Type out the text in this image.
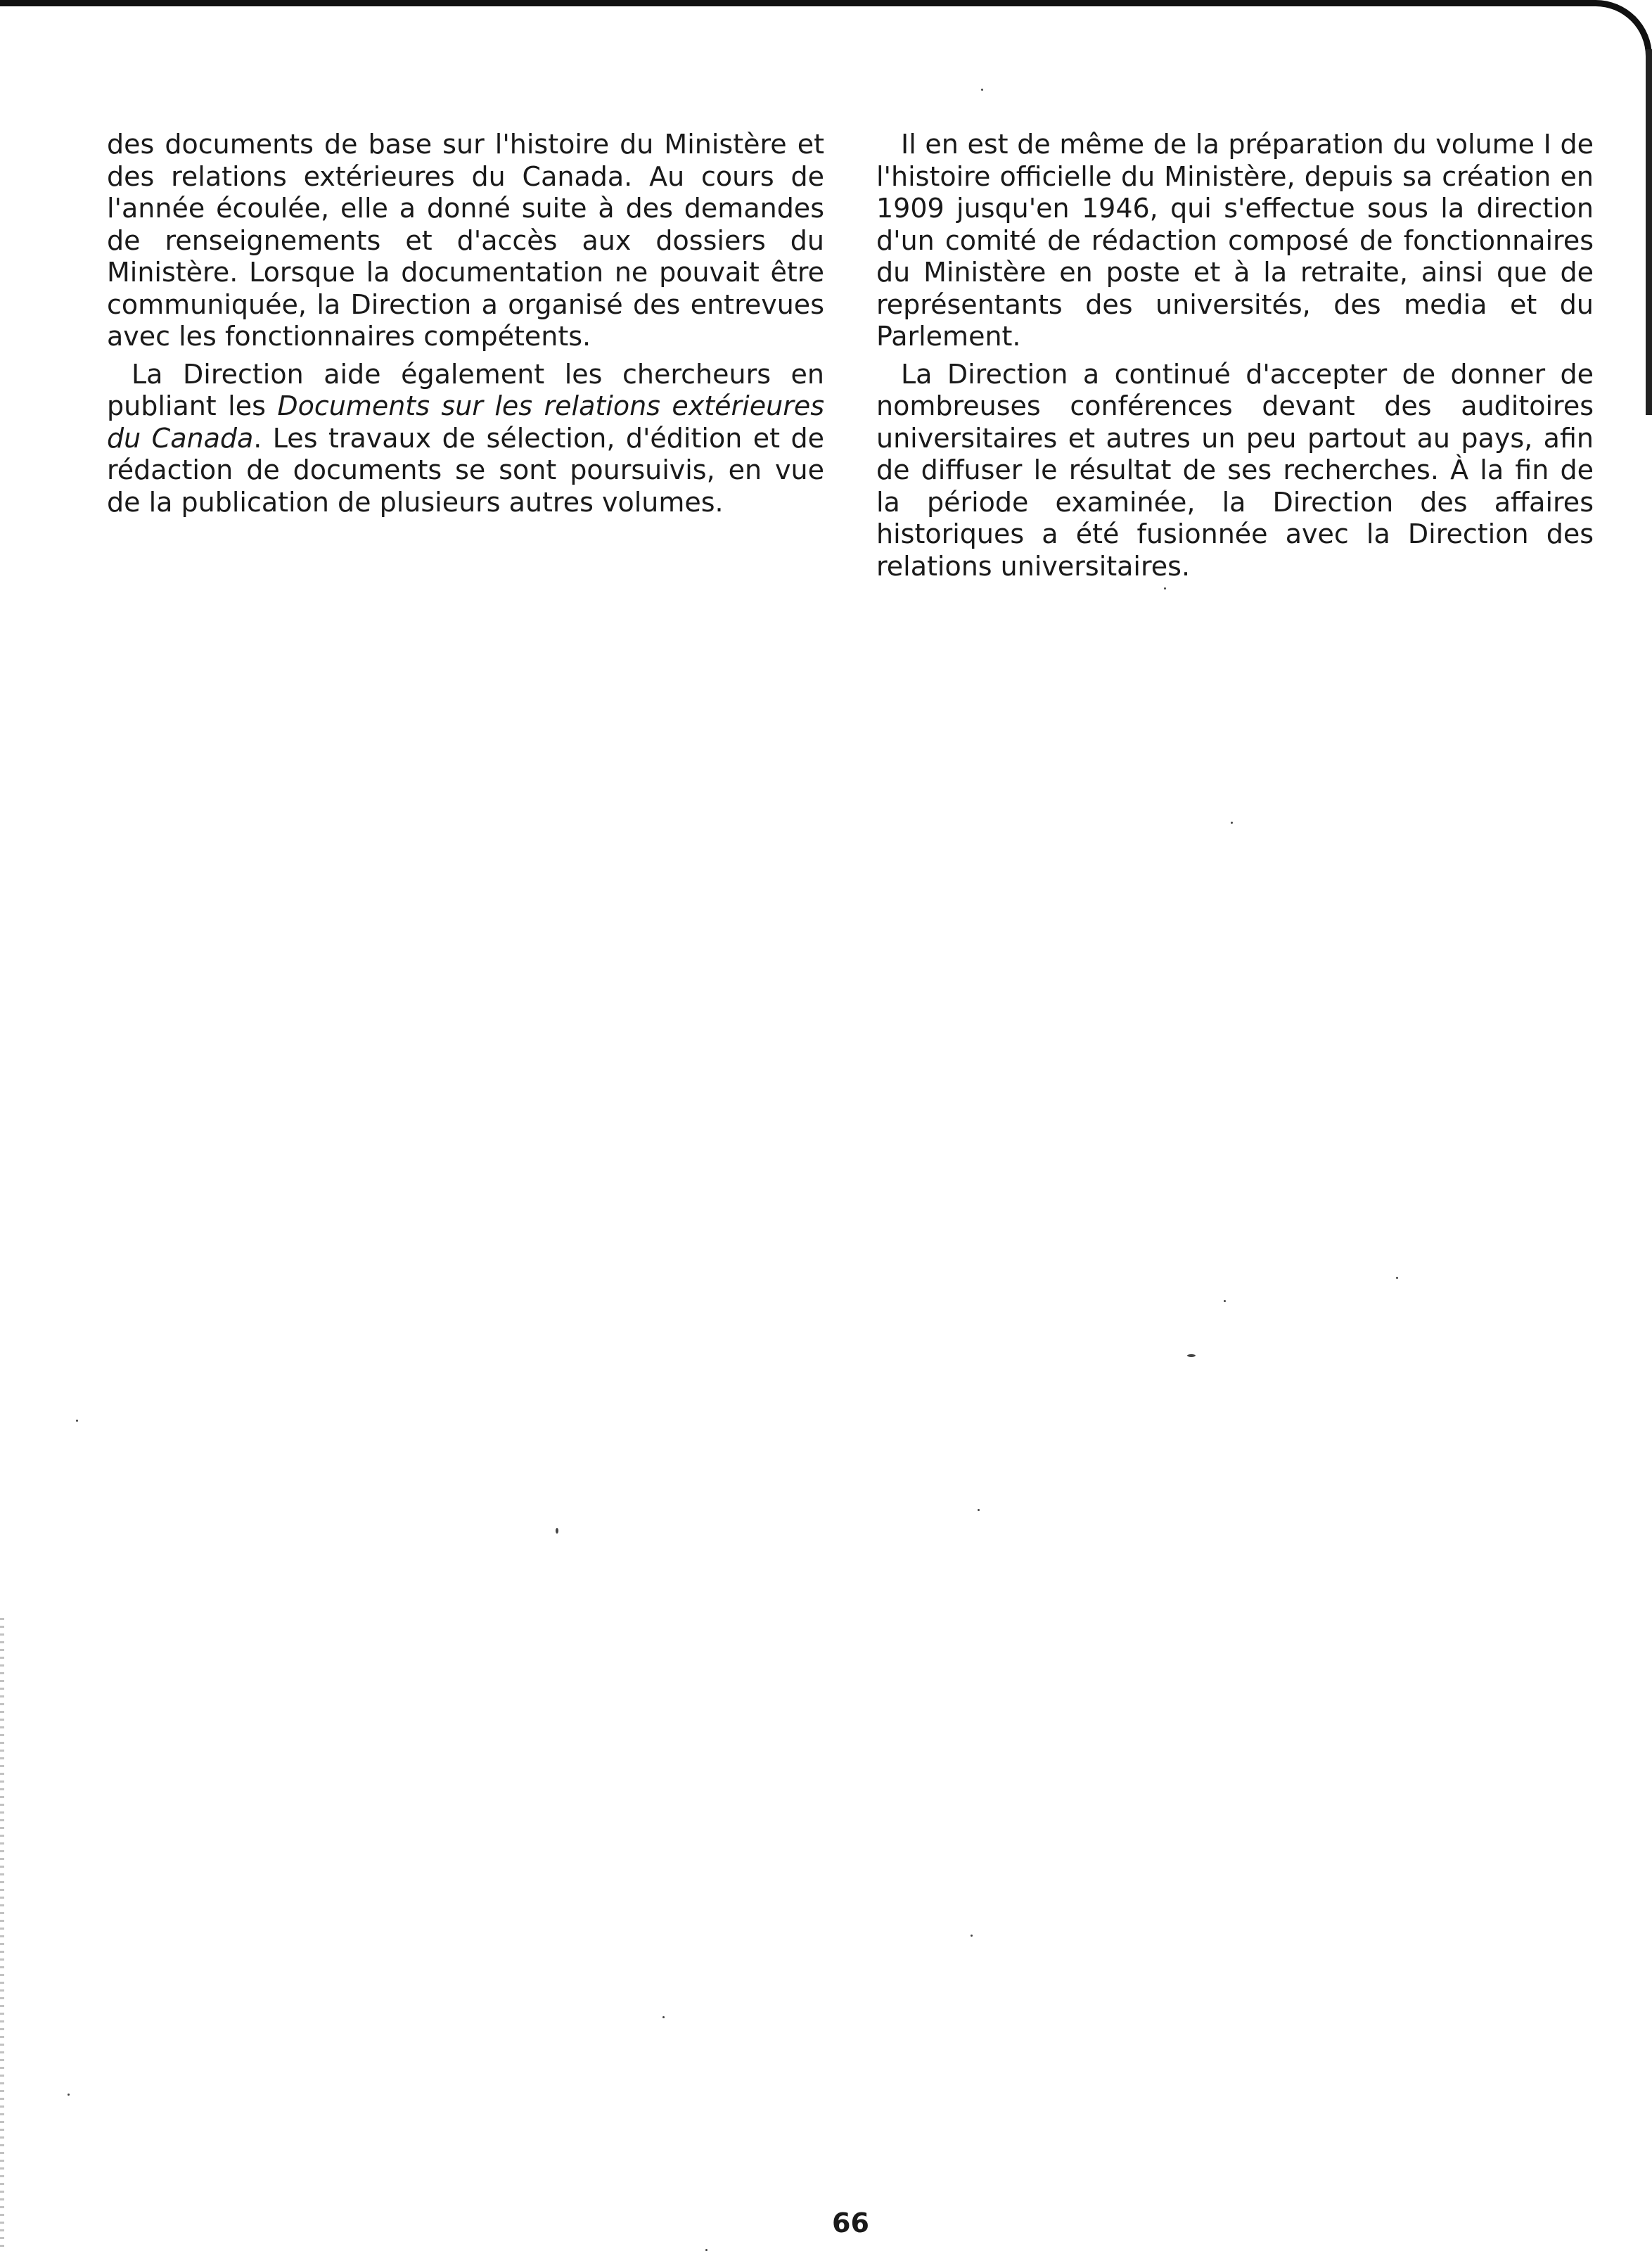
des documents de base sur l'histoire du Ministère et des relations extérieures du Canada. Au cours de l'année écoulée, elle a donné suite à des demandes de renseignements et d'accès aux dossiers du Ministère. Lorsque la documentation ne pouvait être communiquée, la Direction a organisé des entrevues avec les fonctionnaires compétents.

La Direction aide également les chercheurs en publiant les Documents sur les relations extérieures du Canada. Les travaux de sélection, d'édition et de rédaction de documents se sont poursuivis, en vue de la publication de plusieurs autres volumes.

Il en est de même de la préparation du volume I de l'histoire officielle du Ministère, depuis sa création en 1909 jusqu'en 1946, qui s'effectue sous la direction d'un comité de rédaction composé de fonctionnaires du Ministère en poste et à la retraite, ainsi que de représentants des universités, des media et du Parlement.

La Direction a continué d'accepter de donner de nombreuses conférences devant des auditoires universitaires et autres un peu partout au pays, afin de diffuser le résultat de ses recherches. À la fin de la période examinée, la Direction des affaires historiques a été fusionnée avec la Direction des relations universitaires.

66
